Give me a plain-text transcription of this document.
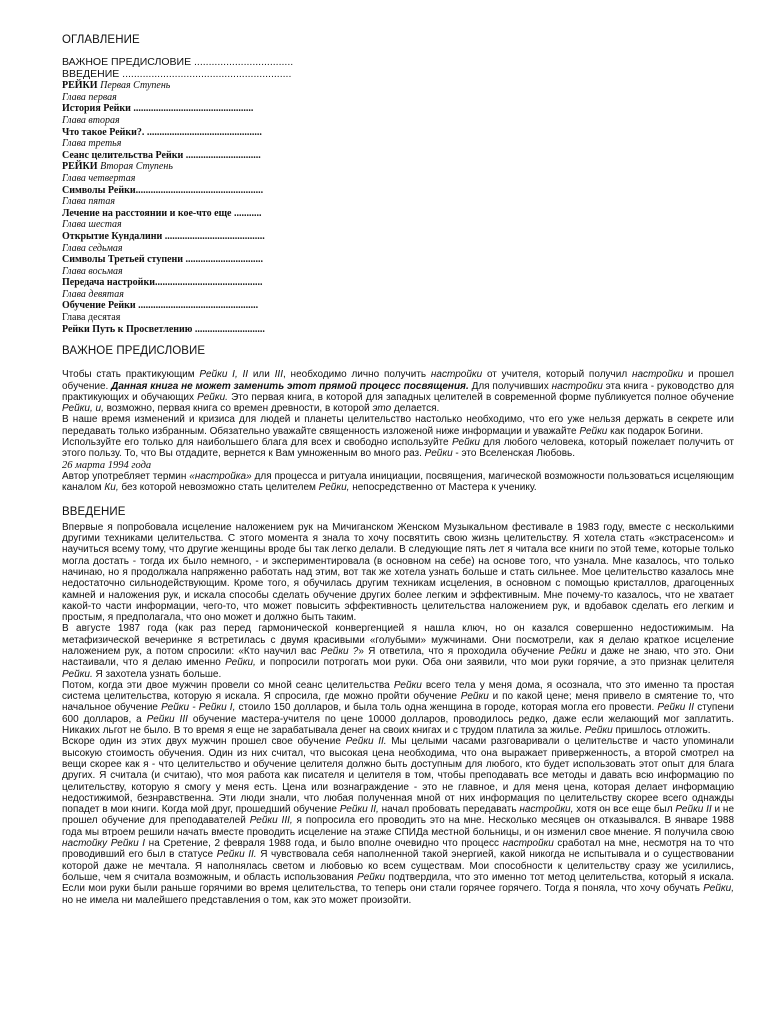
ОГЛАВЛЕНИЕ
ВАЖНОЕ ПРЕДИСЛОВИЕ ..................................
ВВЕДЕНИЕ ..........................................................
РЕЙКИ Первая Ступень
Глава первая
История Рейки ................................................
Глава вторая
Что такое Рейки?. ..............................................
Глава третья
Сеанс целительства Рейки ..............................
РЕЙКИ Вторая Ступень
Глава четвертая
Символы Рейки...................................................
Глава пятая
Лечение на расстоянии и кое-что еще ...........
Глава шестая
Открытие Кундалини ........................................
Глава седьмая
Символы Третьей ступени ...............................
Глава восьмая
Передача настройки...........................................
Глава девятая
Обучение Рейки ................................................
Глава десятая
Рейки Путь к Просветлению ............................
ВАЖНОЕ ПРЕДИСЛОВИЕ

Чтобы стать практикующим Рейки I, II или III, необходимо лично получить настройки от учителя, который получил настройки и прошел обучение. Данная книга не может заменить этот прямой процесс посвящения. Для получивших настройки эта книга - руководство для практикующих и обучающих Рейки. Это первая книга, в которой для западных целителей в современной форме публикуется полное обучение Рейки, и, возможно, первая книга со времен древности, в которой это делается.

В наше время изменений и кризиса для людей и планеты целительство настолько необходимо, что его уже нельзя держать в секрете или передавать только избранным. Обязательно уважайте священность изложеной ниже информации и уважайте Рейки как подарок Богини.

Используйте его только для наибольшего блага для всех и свободно используйте Рейки для любого человека, который пожелает получить от этого пользу. То, что Вы отдадите, вернется к Вам умноженным во много раз. Рейки - это Вселенская Любовь.

26 марта 1994 года

Автор употребляет термин «настройка» для процесса и ритуала инициации, посвящения, магической возможности пользоваться исцеляющим каналом Ки, без которой невозможно стать целителем Рейки, непосредственно от Мастера к ученику.

ВВЕДЕНИЕ

Впервые я попробовала исцеление наложением рук на Мичиганском Женском Музыкальном фестивале в 1983 году, вместе с несколькими другими техниками целительства. С этого момента я знала то хочу посвятить свою жизнь целительству. Я хотела стать «экстрасенсом» и научиться всему тому, что другие женщины вроде бы так легко делали. В следующие пять лет я читала все книги по этой теме, которые только могла достать - тогда их было немного, - и экспериментировала (в основном на себе) на основе того, что узнала. Мне казалось, что только начинаю, но я продолжала напряженно работать над этим, вот так же хотела узнать больше и стать сильнее. Мое целительство казалось мне недостаточно сильнодействующим. Кроме того, я обучилась другим техникам исцеления, в основном с помощью кристаллов, драгоценных камней и наложения рук, и искала способы сделать обучение других более легким и эффективным. Мне почему-то казалось, что не хватает какой-то части информации, чего-то, что может повысить эффективность целительства наложением рук, и вдобавок сделать его легким и простым, я предполагала, что оно может и должно быть таким.

В августе 1987 года (как раз перед гармонической конвергенцией я нашла ключ, но он казался совершенно недостижимым. На метафизической вечеринке я встретилась с двумя красивыми «голубыми» мужчинами. Они посмотрели, как я делаю краткое исцеление наложением рук, а потом спросили: «Кто научил вас Рейки ?» Я ответила, что я проходила обучение Рейки и даже не знаю, что это. Они настаивали, что я делаю именно Рейки, и попросили потрогать мои руки. Оба они заявили, что мои руки горячие, а это признак целителя Рейки. Я захотела узнать больше.

Потом, когда эти двое мужчин провели со мной сеанс целительства Рейки всего тела у меня дома, я осознала, что это именно та простая система целительства, которую я искала. Я спросила, где можно пройти обучение Рейки и по какой цене; меня привело в смятение то, что начальное обучение Рейки - Рейки I, стоило 150 долларов, и была толь одна женщина в городе, которая могла его провести. Рейки II ступени 600 долларов, а Рейки III обучение мастера-учителя по цене 10000 долларов, проводилось редко, даже если желающий мог заплатить. Никаких льгот не было. В то время я еще не зарабатывала денег на своих книгах и с трудом платила за жилье. Рейки пришлось отложить.

Вскоре один из этих двух мужчин прошел свое обучение Рейки II. Мы целыми часами разговаривали о целительстве и часто упоминали высокую стоимость обучения. Один из них считал, что высокая цена необходима, что она выражает приверженность, а второй смотрел на вещи скорее как я - что целительство и обучение целителя должно быть доступным для любого, кто будет использовать этот опыт для блага других. Я считала (и считаю), что моя работа как писателя и целителя в том, чтобы преподавать все методы и давать всю информацию по целительству, которую я смогу у меня есть. Цена или вознаграждение - это не главное, и для меня цена, которая делает информацию недостижимой, безнравственна. Эти люди знали, что любая полученная мной от них информация по целительству скорее всего однажды попадет в мои книги. Когда мой друг, прошедший обучение Рейки II, начал пробовать передавать настройки, хотя он все еще был Рейки II и не прошел обучение для преподавателей Рейки III, я попросила его проводить это на мне. Несколько месяцев он отказывался. В январе 1988 года мы втроем решили начать вместе проводить исцеление на этаже СПИДа местной больницы, и он изменил свое мнение. Я получила свою настойку Рейки I на Сретение, 2 февраля 1988 года, и было вполне очевидно что процесс настройки сработал на мне, несмотря на то что проводивший его был в статусе Рейки II. Я чувствовала себя наполненной такой энергией, какой никогда не испытывала и о существовании которой даже не мечтала. Я наполнялась светом и любовью ко всем существам. Мои способности к целительству сразу же усилились, больше, чем я считала возможным, и область использования Рейки подтвердила, что это именно тот метод целительства, который я искала. Если мои руки были раньше горячими во время целительства, то теперь они стали горячее горячего. Тогда я поняла, что хочу обучать Рейки, но не имела ни малейшего представления о том, как это может произойти.
